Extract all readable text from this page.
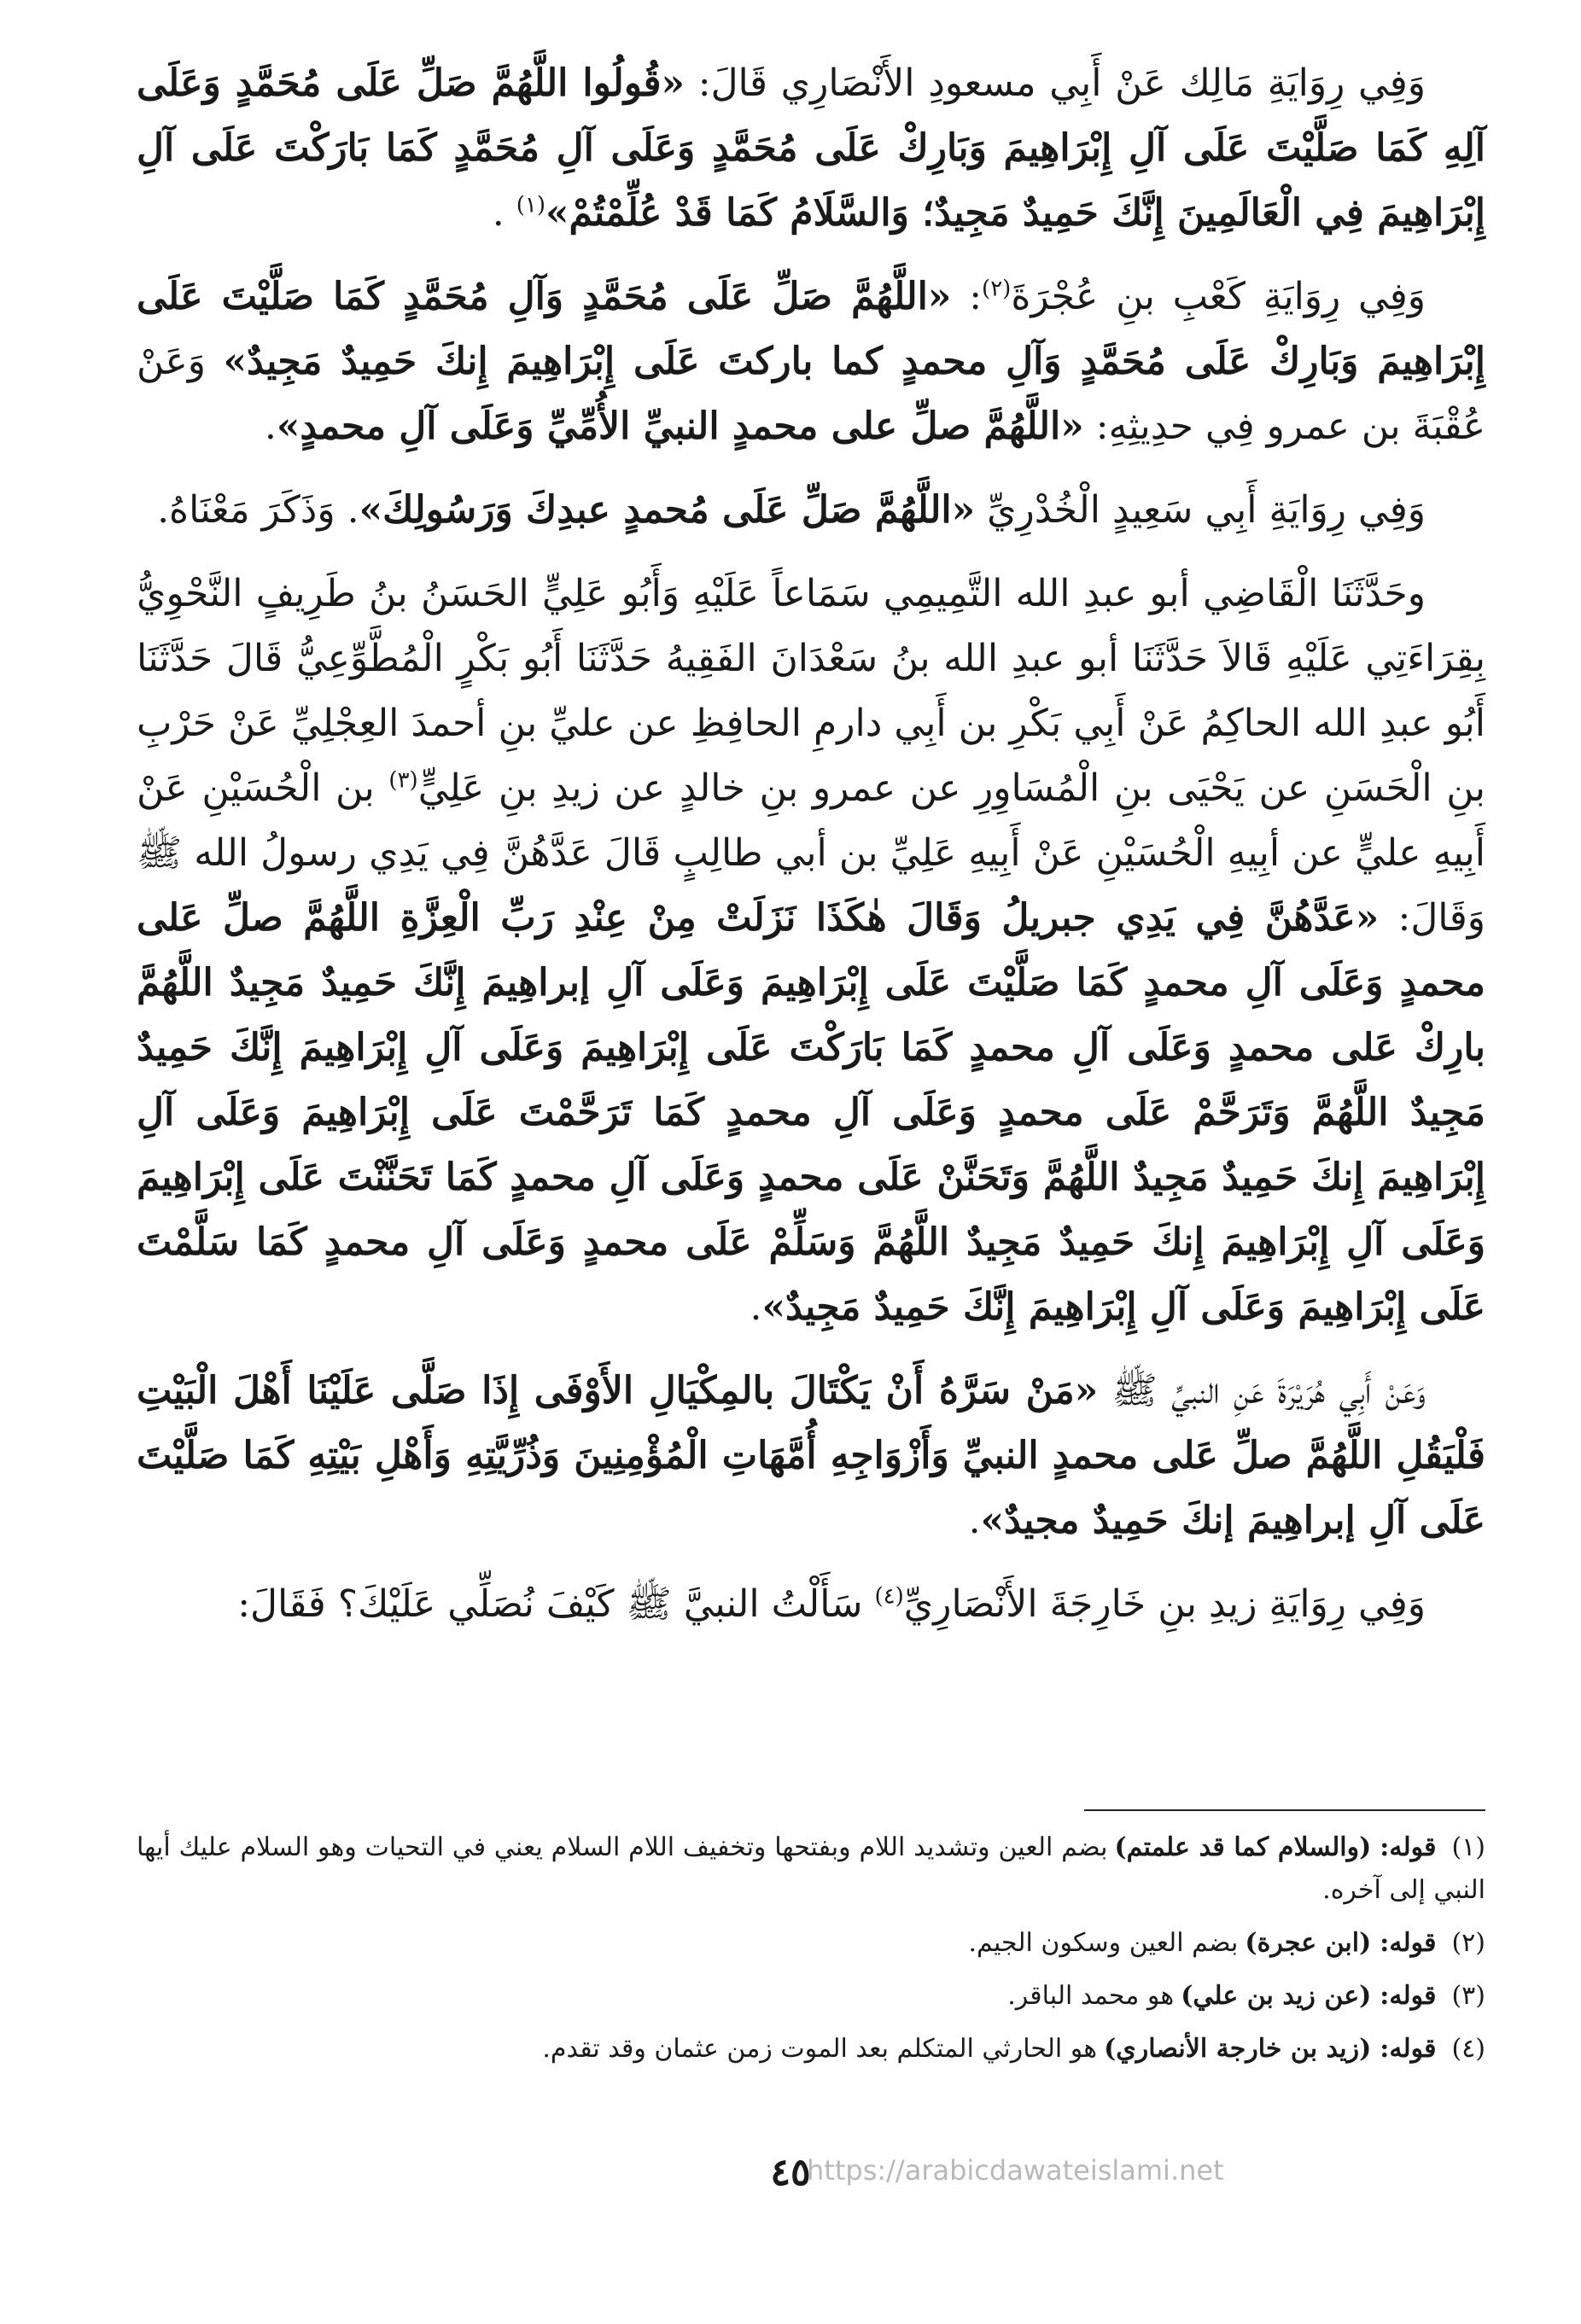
وَفِي رِوَايَةِ مَالِك عَنْ أَبِي مسعودِ الأَنْصَارِي قَالَ: «قُولُوا اللَّهُمَّ صَلِّ عَلَى مُحَمَّدٍ وَعَلَى آلِهِ كَمَا صَلَّيْتَ عَلَى آلِ إِبْرَاهِيمَ وَبَارِكْ عَلَى مُحَمَّدٍ وَعَلَى آلِ مُحَمَّدٍ كَمَا بَارَكْتَ عَلَى آلِ إِبْرَاهِيمَ فِي الْعَالَمِينَ إِنَّكَ حَمِيدٌ مَجِيدٌ؛ وَالسَّلَامُ كَمَا قَدْ عُلِّمْتُمْ»$^{(١)}$ .

وَفِي رِوَايَةِ كَعْبِ بنِ عُجْرَةَ$^{(٢)}$: «اللَّهُمَّ صَلِّ عَلَى مُحَمَّدٍ وَآلِ مُحَمَّدٍ كَمَا صَلَّيْتَ عَلَى إِبْرَاهِيمَ وَبَارِكْ عَلَى مُحَمَّدٍ وَآلِ محمدٍ كما باركتَ عَلَى إِبْرَاهِيمَ إِنكَ حَمِيدٌ مَجِيدٌ» وَعَنْ عُقْبَةَ بن عمرو فِي حدِيثِهِ: «اللَّهُمَّ صلِّ على محمدٍ النبيِّ الأُمِّيِّ وَعَلَى آلِ محمدٍ».

وَفِي رِوَايَةِ أَبِي سَعِيدٍ الْخُدْرِيِّ «اللَّهُمَّ صَلِّ عَلَى مُحمدٍ عبدِكَ وَرَسُولِكَ». وَذَكَرَ مَعْنَاهُ.

وحَدَّثَنَا الْقَاضِي أبو عبدِ الله التَّمِيمِي سَمَاعاً عَلَيْهِ وَأَبُو عَلِيٍّ الحَسَنُ بنُ طَرِيفٍ النَّحْوِيُّ بِقِرَاءَتِي عَلَيْهِ قَالاَ حَدَّثَنَا أبو عبدِ الله بنُ سَعْدَانَ الفَقِيهُ حَدَّثَنَا أَبُو بَكْرٍ الْمُطَّوِّعِيُّ قَالَ حَدَّثَنَا أَبُو عبدِ الله الحاكِمُ عَنْ أَبِي بَكْرِ بن أَبِي دارمِ الحافِظِ عن عليِّ بنِ أحمدَ العِجْلِيِّ عَنْ حَرْبِ بنِ الْحَسَنِ عن يَحْيَى بنِ الْمُسَاوِرِ عن عمرو بنِ خالدٍ عن زيدِ بنِ عَلِيٍّ$^{(٣)}$ بن الْحُسَيْنِ عَنْ أَبِيهِ عليٍّ عن أبِيهِ الْحُسَيْنِ عَنْ أَبِيهِ عَلِيِّ بن أبي طالِبٍ قَالَ عَدَّهُنَّ فِي يَدِي رسولُ الله ﷺ وَقَالَ: «عَدَّهُنَّ فِي يَدِي جبريلُ وَقَالَ هٰكَذَا نَزَلَتْ مِنْ عِنْدِ رَبِّ الْعِزَّةِ اللَّهُمَّ صلِّ عَلى محمدٍ وَعَلَى آلِ محمدٍ كَمَا صَلَّيْتَ عَلَى إِبْرَاهِيمَ وَعَلَى آلِ إبراهِيمَ إِنَّكَ حَمِيدٌ مَجِيدٌ اللَّهُمَّ بارِكْ عَلى محمدٍ وَعَلَى آلِ محمدٍ كَمَا بَارَكْتَ عَلَى إِبْرَاهِيمَ وَعَلَى آلِ إِبْرَاهِيمَ إِنَّكَ حَمِيدٌ مَجِيدٌ اللَّهُمَّ وَتَرَحَّمْ عَلَى محمدٍ وَعَلَى آلِ محمدٍ كَمَا تَرَحَّمْتَ عَلَى إِبْرَاهِيمَ وَعَلَى آلِ إِبْرَاهِيمَ إِنكَ حَمِيدٌ مَجِيدٌ اللَّهُمَّ وَتَحَنَّنْ عَلَى محمدٍ وَعَلَى آلِ محمدٍ كَمَا تَحَنَّنْتَ عَلَى إِبْرَاهِيمَ وَعَلَى آلِ إِبْرَاهِيمَ إِنكَ حَمِيدٌ مَجِيدٌ اللَّهُمَّ وَسَلِّمْ عَلَى محمدٍ وَعَلَى آلِ محمدٍ كَمَا سَلَّمْتَ عَلَى إِبْرَاهِيمَ وَعَلَى آلِ إِبْرَاهِيمَ إِنَّكَ حَمِيدٌ مَجِيدٌ».

وَعَنْ أَبِي هُرَيْرَةَ عَنِ النبيِّ ﷺ «مَنْ سَرَّهُ أَنْ يَكْتَالَ بالمِكْيَالِ الأَوْفَى إِذَا صَلَّى عَلَيْنَا أَهْلَ الْبَيْتِ فَلْيَقُلِ اللَّهُمَّ صلِّ عَلى محمدٍ النبيِّ وَأَزْوَاجِهِ أُمَّهَاتِ الْمُؤْمِنِينَ وَذُرِّيَّتِهِ وَأَهْلِ بَيْتِهِ كَمَا صَلَّيْتَ عَلَى آلِ إبراهِيمَ إنكَ حَمِيدٌ مجيدٌ».

وَفِي رِوَايَةِ زيدِ بنِ خَارِجَةَ الأَنْصَارِيِّ$^{(٤)}$ سَأَلْتُ النبيَّ ﷺ كَيْفَ نُصَلِّي عَلَيْكَ؟ فَقَالَ:

(١)قوله:(والسلام كما قد علمتم)بضم العين وتشديد اللام وبفتحها وتخفيف اللام السلام يعني في التحيات وهو السلام عليك أيها النبي إلى آخره.

(٢)قوله:(ابن عجرة)بضم العين وسكون الجيم.

(٣)قوله:(عن زيد بن علي)هو محمد الباقر.

(٤)قوله:(زيد بن خارجة الأنصاري)هو الحارثي المتكلم بعد الموت زمن عثمان وقد تقدم.

٤٥
https://arabicdawateislami.net
